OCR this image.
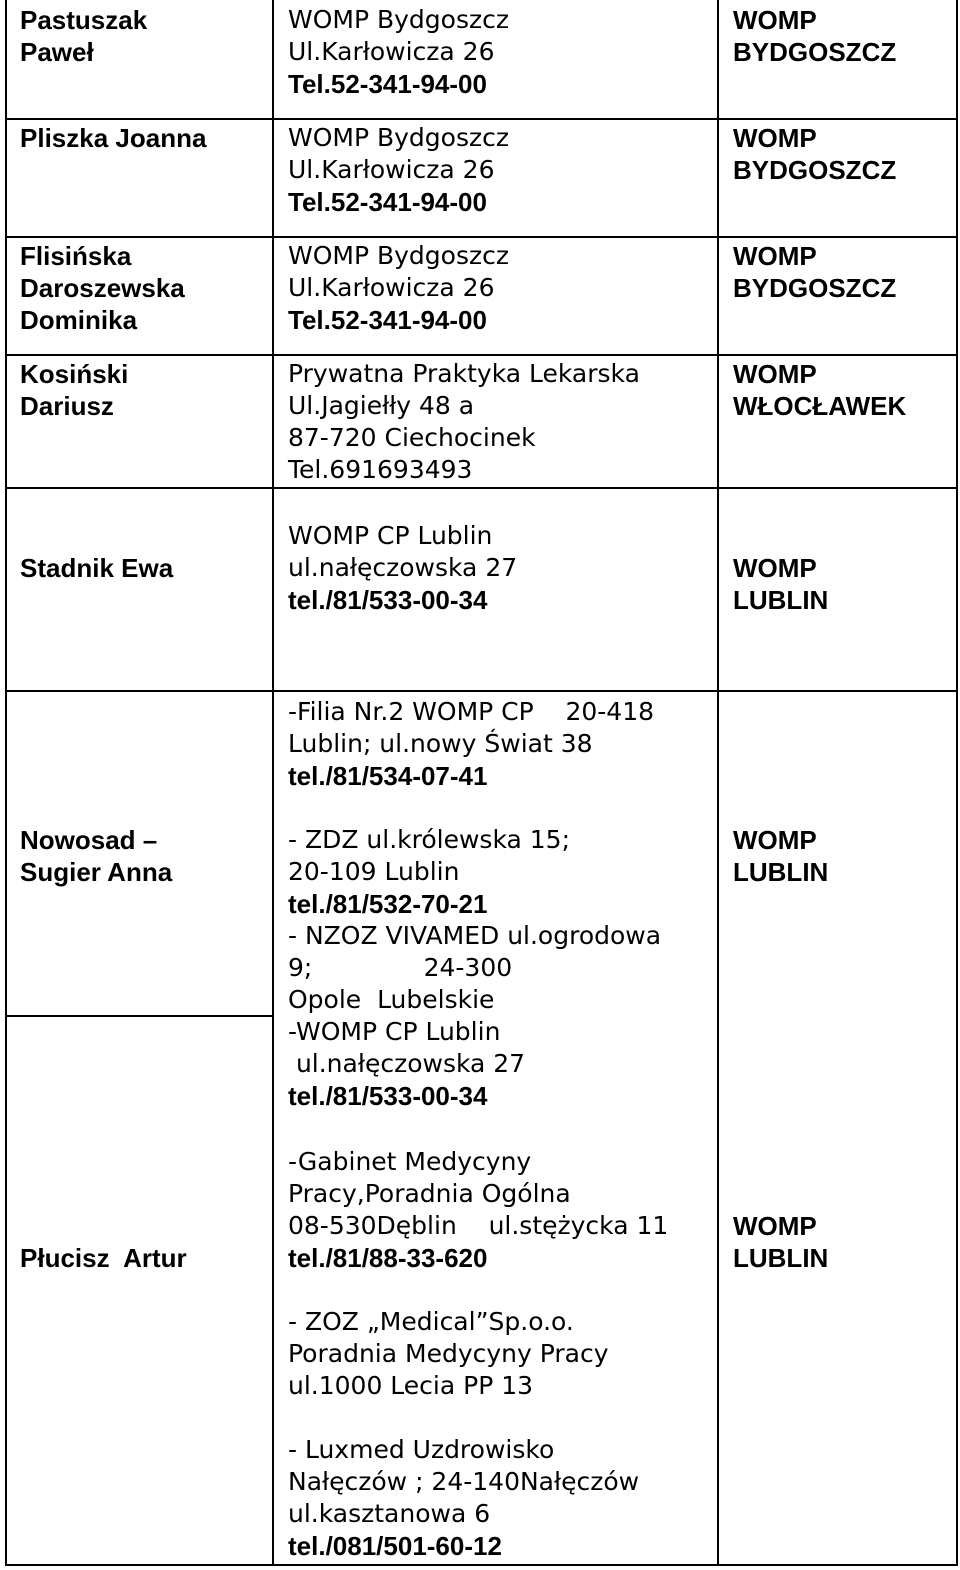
Pastuszak
Paweł
WOMP Bydgoszcz
Ul.Karłowicza 26
Tel.52-341-94-00
WOMP
BYDGOSZCZ
Pliszka Joanna	WOMP Bydgoszcz
Ul.Karłowicza 26
Tel.52-341-94-00
WOMP
BYDGOSZCZ
Flisińska
Daroszewska
Dominika
WOMP Bydgoszcz
Ul.Karłowicza 26
Tel.52-341-94-00
WOMP
BYDGOSZCZ
Kosiński
Dariusz
Prywatna Praktyka Lekarska
Ul.Jagiełły 48 a
87-720 Ciechocinek
Tel.691693493
WOMP
WŁOCŁAWEK
Stadnik Ewa
WOMP CP Lublin
ul.nałęczowska 27
tel./81/533-00-34
WOMP
LUBLIN
Nowosad –
Sugier Anna
-Filia Nr.2 WOMP CP    20-418
Lublin; ul.nowy Świat 38
tel./81/534-07-41

- ZDZ ul.królewska 15;
20-109 Lublin
tel./81/532-70-21
- NZOZ VIVAMED ul.ogrodowa
9;              24-300
Opole  Lubelskie
-WOMP CP Lublin
ul.nałęczowska 27
tel./81/533-00-34
WOMP
LUBLIN
Płucisz  Artur
-Gabinet Medycyny
Pracy,Poradnia Ogólna
08-530Dęblin    ul.stężycka 11
tel./81/88-33-620

- ZOZ „Medical”Sp.o.o.
Poradnia Medycyny Pracy
ul.1000 Lecia PP 13

- Luxmed Uzdrowisko
Nałęczów ; 24-140Nałęczów
ul.kasztanowa 6
tel./081/501-60-12
WOMP
LUBLIN
